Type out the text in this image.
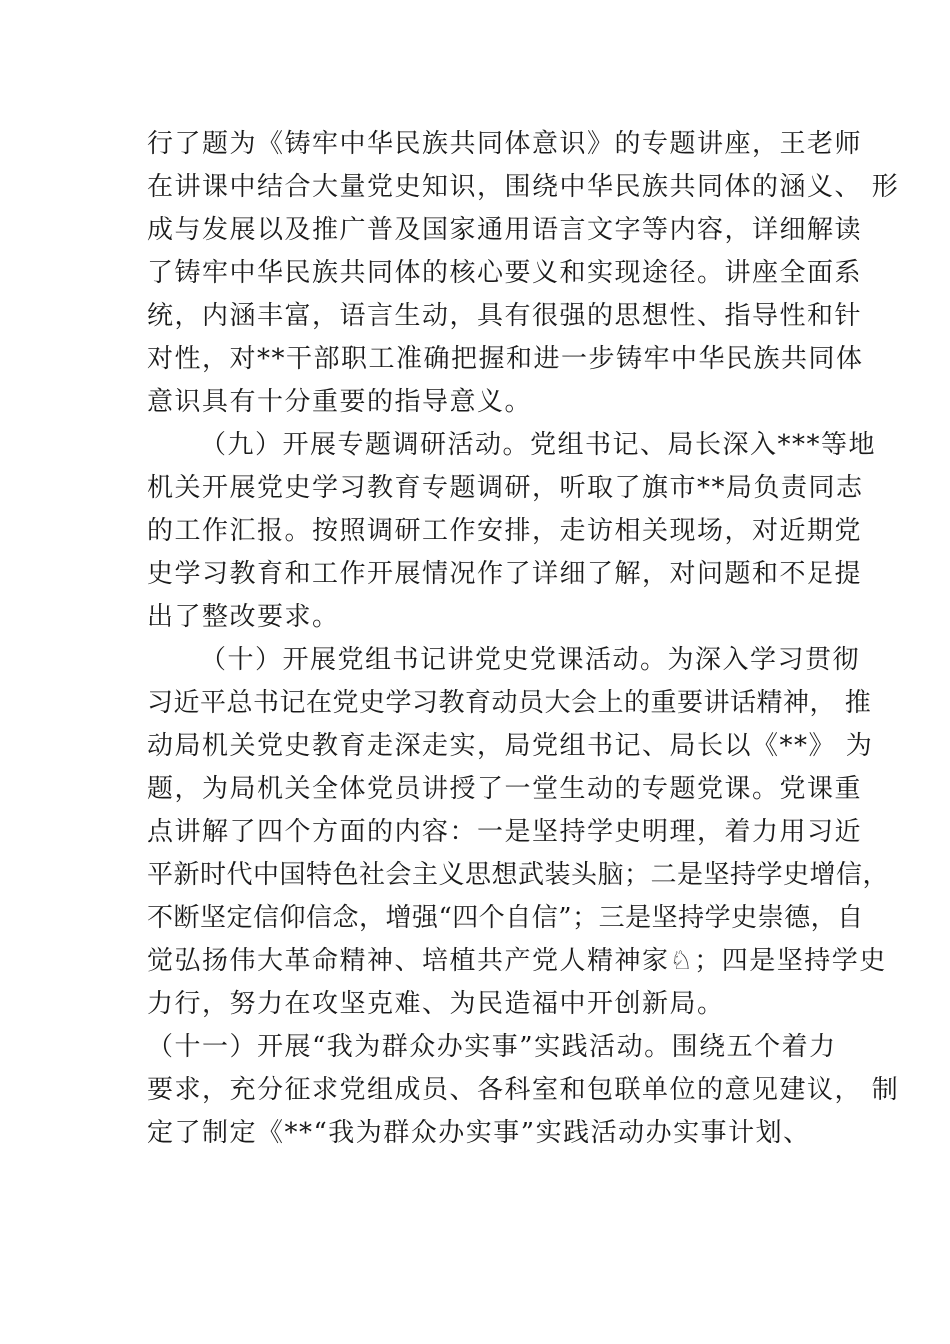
行了题为《铸牢中华民族共同体意识》的专题讲座，王老师
在讲课中结合大量党史知识，围绕中华民族共同体的涵义、 形
成与发展以及推广普及国家通用语言文字等内容，详细解读
了铸牢中华民族共同体的核心要义和实现途径。讲座全面系
统，内涵丰富，语言生动，具有很强的思想性、指导性和针
对性，对**干部职工准确把握和进一步铸牢中华民族共同体
意识具有十分重要的指导意义。
（九）开展专题调研活动。党组书记、局长深入***等地
机关开展党史学习教育专题调研，听取了旗市**局负责同志
的工作汇报。按照调研工作安排，走访相关现场，对近期党
史学习教育和工作开展情况作了详细了解，对问题和不足提
出了整改要求。
（十）开展党组书记讲党史党课活动。为深入学习贯彻
习近平总书记在党史学习教育动员大会上的重要讲话精神， 推
动局机关党史教育走深走实，局党组书记、局长以《**》 为
题，为局机关全体党员讲授了一堂生动的专题党课。党课重
点讲解了四个方面的内容：一是坚持学史明理，着力用习近
平新时代中国特色社会主义思想武装头脑；二是坚持学史增信，
不断坚定信仰信念，增强“四个自信”；三是坚持学史崇德，自
觉弘扬伟大革命精神、培植共产党人精神家♘；四是坚持学史
力行，努力在攻坚克难、为民造福中开创新局。
（十一）开展“我为群众办实事”实践活动。围绕五个着力
要求，充分征求党组成员、各科室和包联单位的意见建议， 制
定了制定《**“我为群众办实事”实践活动办实事计划、
